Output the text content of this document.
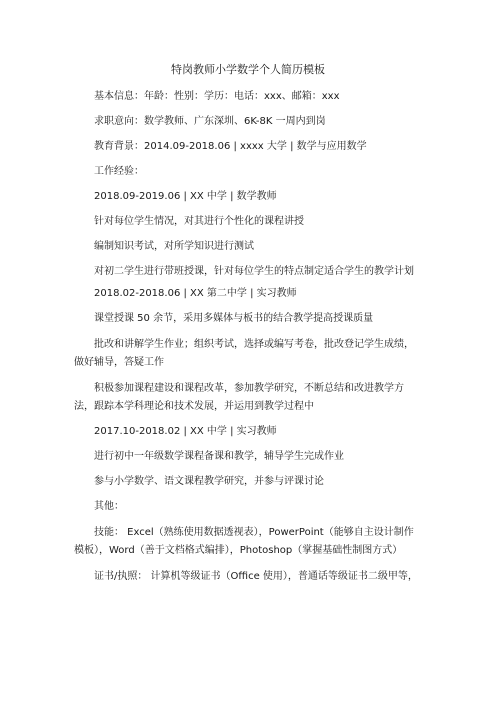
特岗教师小学数学个人简历模板

基本信息：年龄：性别：学历：电话：xxx、邮箱：xxx

求职意向：数学教师、广东深圳、6K-8K 一周内到岗

教育背景：2014.09-2018.06 | xxxx 大学 | 数学与应用数学

工作经验：

2018.09-2019.06 | XX 中学 | 数学教师

针对每位学生情况，对其进行个性化的课程讲授

编制知识考试，对所学知识进行测试

对初二学生进行带班授课，针对每位学生的特点制定适合学生的教学计划

2018.02-2018.06 | XX 第二中学 | 实习教师

课堂授课 50 余节，采用多媒体与板书的结合教学提高授课质量

批改和讲解学生作业；组织考试，选择或编写考卷，批改登记学生成绩，做好辅导，答疑工作

积极参加课程建设和课程改革，参加教学研究，不断总结和改进教学方法，跟踪本学科理论和技术发展，并运用到教学过程中

2017.10-2018.02 | XX 中学 | 实习教师

进行初中一年级数学课程备课和教学，辅导学生完成作业

参与小学数学、语文课程教学研究，并参与评课讨论

其他：

技能： Excel（熟练使用数据透视表），PowerPoint（能够自主设计制作模板），Word（善于文档格式编排），Photoshop（掌握基础性制图方式）

证书/执照： 计算机等级证书（Office 使用），普通话等级证书二级甲等，
